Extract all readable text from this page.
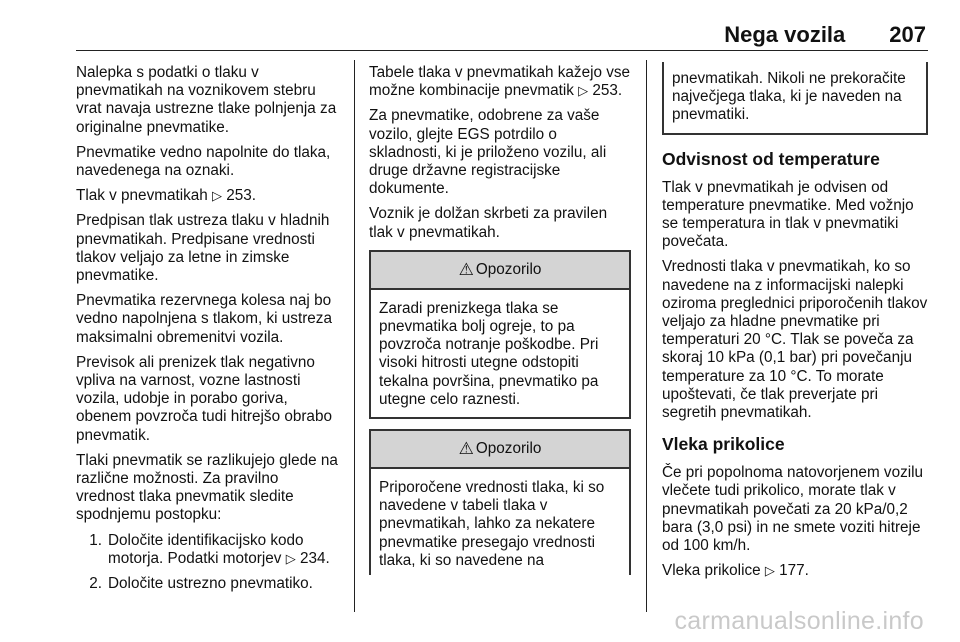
Nega vozila 207

Nalepka s podatki o tlaku v pnevmatikah na voznikovem stebru vrat navaja ustrezne tlake polnjenja za originalne pnevmatike.

Pnevmatike vedno napolnite do tlaka, navedenega na oznaki.

Tlak v pnevmatikah ▷ 253.

Predpisan tlak ustreza tlaku v hladnih pnevmatikah. Predpisane vrednosti tlakov veljajo za letne in zimske pnevmatike.

Pnevmatika rezervnega kolesa naj bo vedno napolnjena s tlakom, ki ustreza maksimalni obremenitvi vozila.

Previsok ali prenizek tlak negativno vpliva na varnost, vozne lastnosti vozila, udobje in porabo goriva, obenem povzroča tudi hitrejšo obrabo pnevmatik.

Tlaki pnevmatik se razlikujejo glede na različne možnosti. Za pravilno vrednost tlaka pnevmatik sledite spodnjemu postopku:

1. Določite identifikacijsko kodo motorja. Podatki motorjev ▷ 234.
2. Določite ustrezno pnevmatiko.

Tabele tlaka v pnevmatikah kažejo vse možne kombinacije pnevmatik ▷ 253.

Za pnevmatike, odobrene za vaše vozilo, glejte EGS potrdilo o skladnosti, ki je priloženo vozilu, ali druge državne registracijske dokumente.

Voznik je dolžan skrbeti za pravilen tlak v pnevmatikah.

⚠ Opozorilo
Zaradi prenizkega tlaka se pnevmatika bolj ogreje, to pa povzroča notranje poškodbe. Pri visoki hitrosti utegne odstopiti tekalna površina, pnevmatiko pa utegne celo raznesti.
⚠ Opozorilo
Priporočene vrednosti tlaka, ki so navedene v tabeli tlaka v pnevmatikah, lahko za nekatere pnevmatike presegajo vrednosti tlaka, ki so navedene na
pnevmatikah. Nikoli ne prekoračite največjega tlaka, ki je naveden na pnevmatiki.
Odvisnost od temperature

Tlak v pnevmatikah je odvisen od temperature pnevmatike. Med vožnjo se temperatura in tlak v pnevmatiki povečata.

Vrednosti tlaka v pnevmatikah, ko so navedene na z informacijski nalepki oziroma preglednici priporočenih tlakov veljajo za hladne pnevmatike pri temperaturi 20 °C. Tlak se poveča za skoraj 10 kPa (0,1 bar) pri povečanju temperature za 10 °C. To morate upoštevati, če tlak preverjate pri segretih pnevmatikah.

Vleka prikolice

Če pri popolnoma natovorjenem vozilu vlečete tudi prikolico, morate tlak v pnevmatikah povečati za 20 kPa/0,2 bara (3,0 psi) in ne smete voziti hitreje od 100 km/h.

Vleka prikolice ▷ 177.

carmanualsonline.info
